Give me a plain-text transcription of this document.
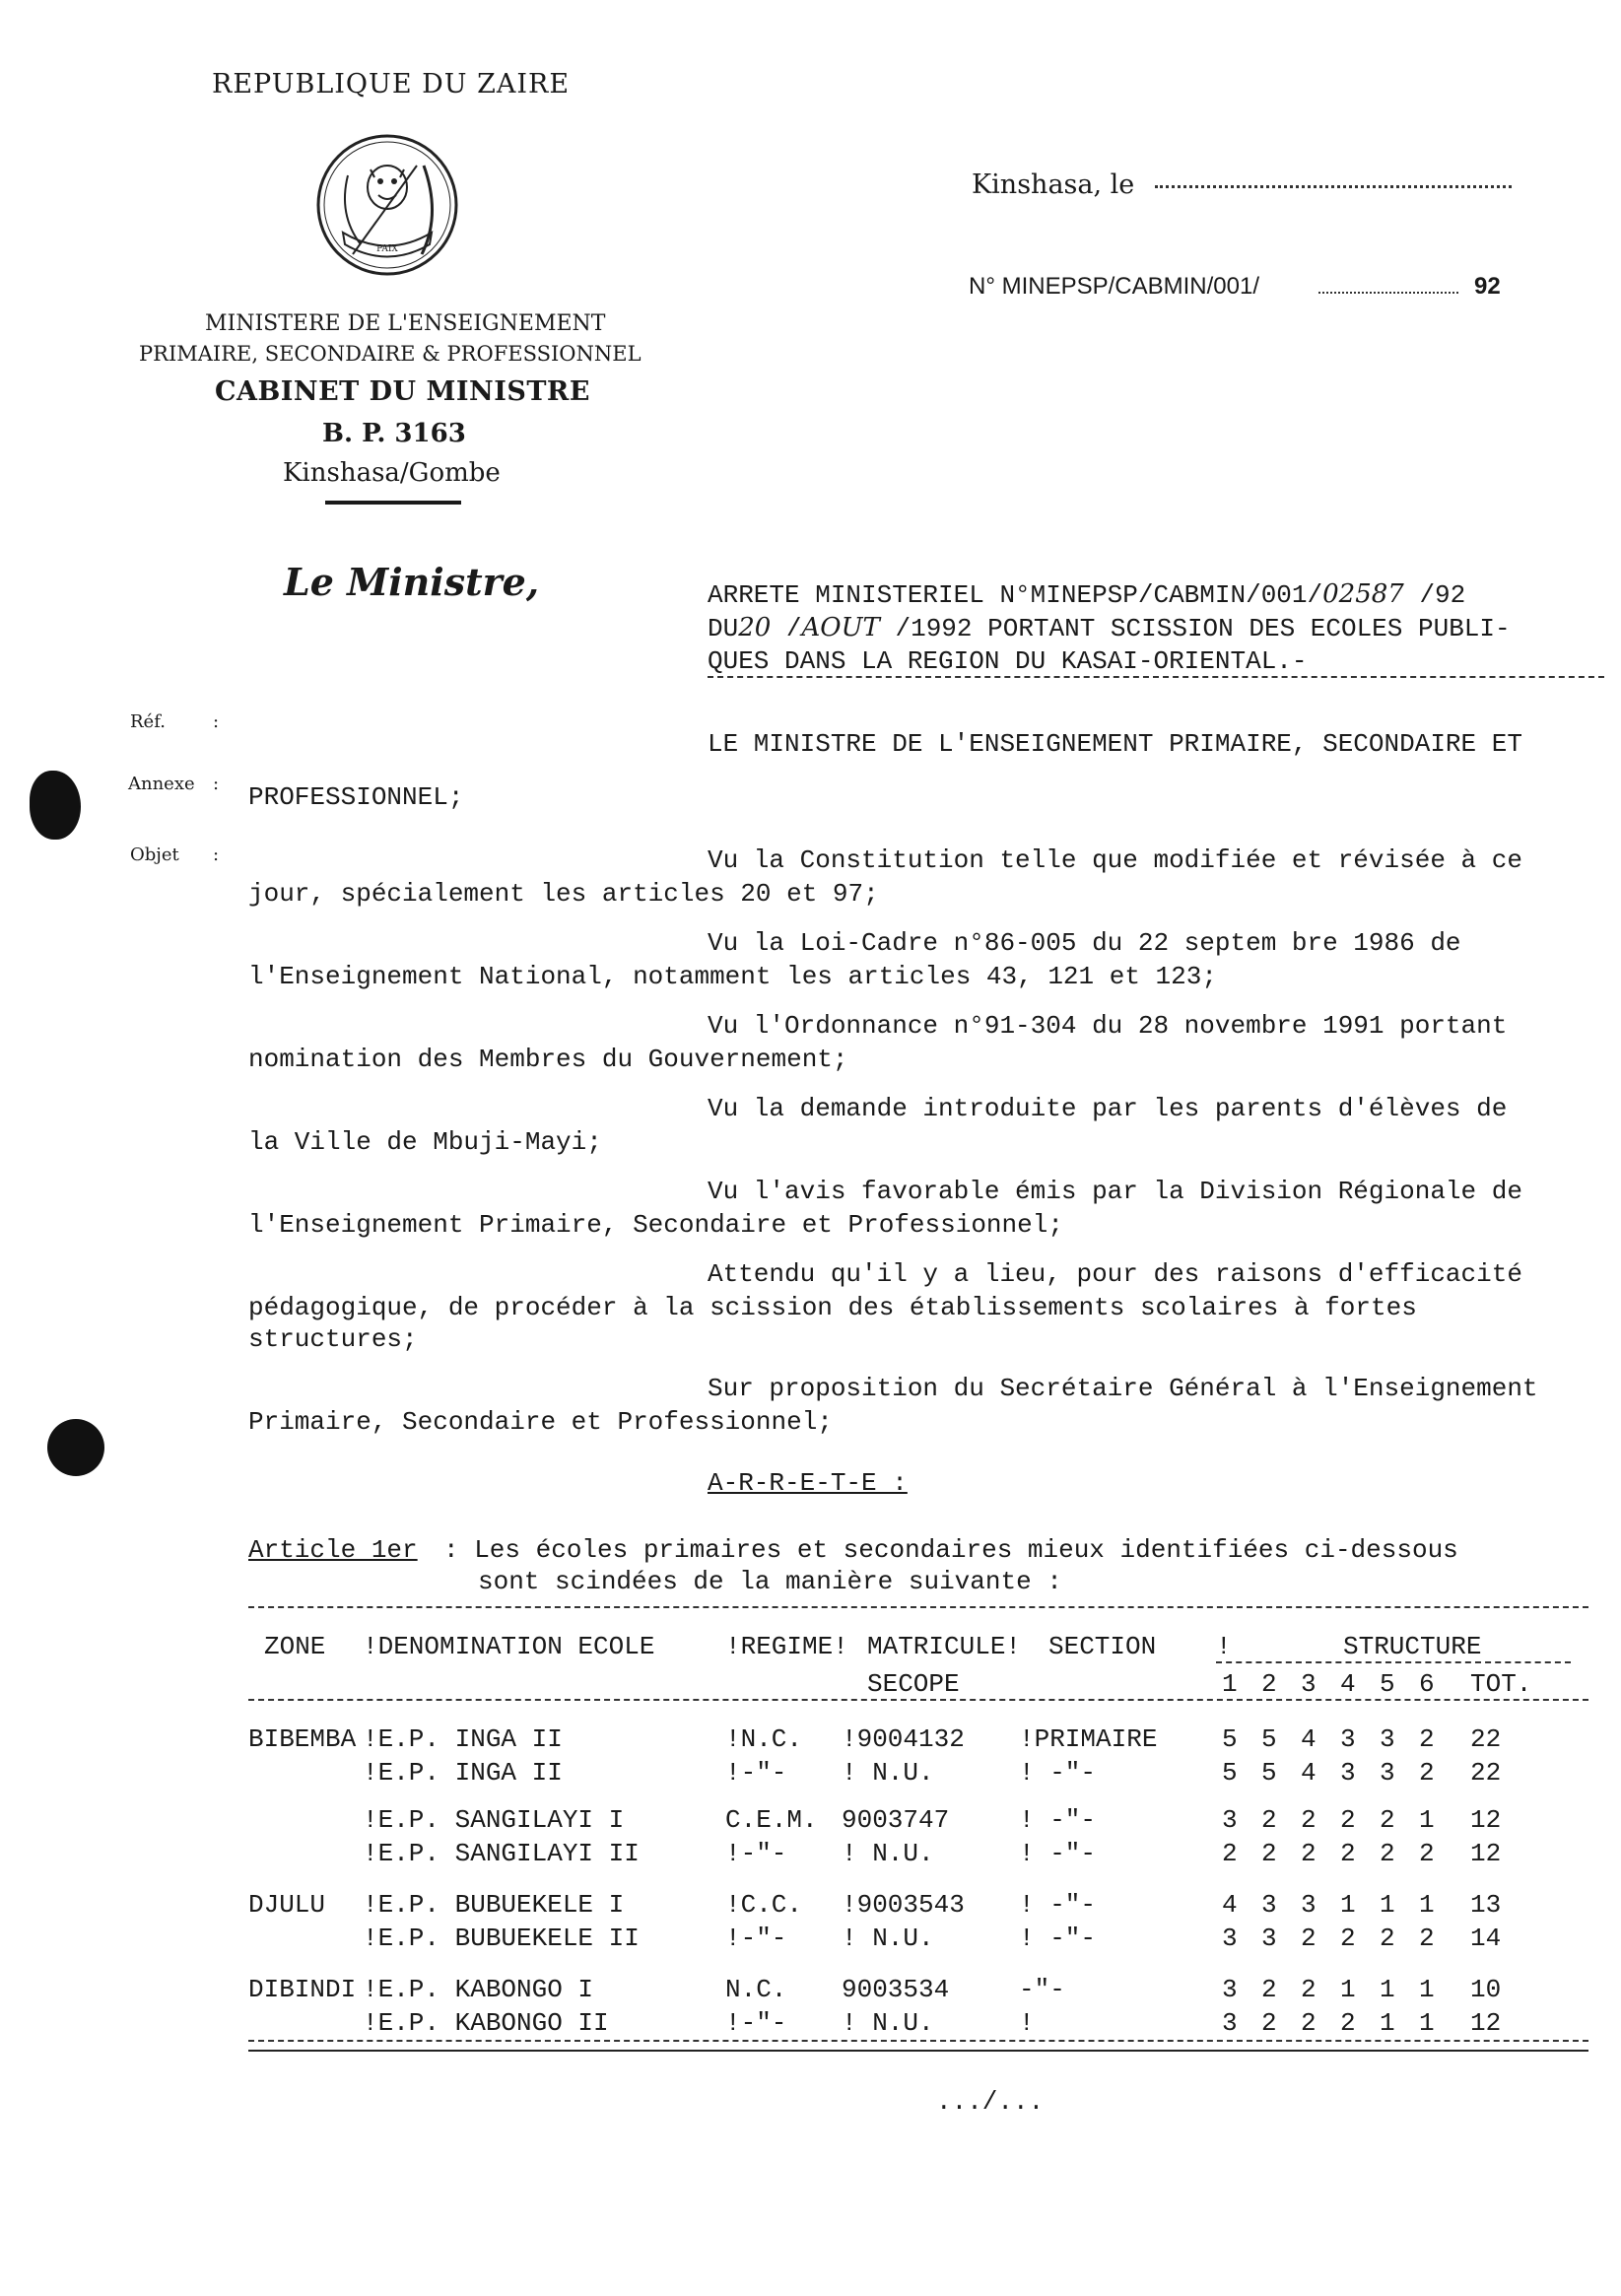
REPUBLIQUE DU ZAIRE
PAIX
MINISTERE DE L'ENSEIGNEMENT
PRIMAIRE, SECONDAIRE & PROFESSIONNEL
CABINET DU MINISTRE
B. P. 3163
Kinshasa/Gombe
Kinshasa, le
N° MINEPSP/CABMIN/001/	92
Le Ministre,	ARRETE MINISTERIEL N°MINEPSP/CABMIN/001/02587 /92
DU20 /AOUT /1992 PORTANT SCISSION DES ECOLES PUBLI-
QUES DANS LA REGION DU KASAI-ORIENTAL.-
Réf.	:
Annexe :
Objet :
LE MINISTRE DE L'ENSEIGNEMENT PRIMAIRE, SECONDAIRE ET
PROFESSIONNEL;
Vu la Constitution telle que modifiée et révisée à ce
jour, spécialement les articles 20 et 97;
Vu la Loi-Cadre n°86-005 du 22 septem bre 1986 de
l'Enseignement National, notamment les articles 43, 121 et 123;
Vu l'Ordonnance n°91-304 du 28 novembre 1991 portant
nomination des Membres du Gouvernement;
Vu la demande introduite par les parents d'élèves de
la Ville de Mbuji-Mayi;
Vu l'avis favorable émis par la Division Régionale de
l'Enseignement Primaire, Secondaire et Professionnel;
Attendu qu'il y a lieu, pour des raisons d'efficacité
pédagogique, de procéder à la scission des établissements scolaires à fortes
structures;
Sur proposition du Secrétaire Général à l'Enseignement
Primaire, Secondaire et Professionnel;
A-R-R-E-T-E :
Article 1er : Les écoles primaires et secondaires mieux identifiées ci-dessous
sont scindées de la manière suivante :
ZONE !DENOMINATION ECOLE	!REGIME! MATRICULE! SECTION !	STRUCTURE
SECOPE	1 2 3 4 5 6 TOT.
BIBEMBA !E.P. INGA II	!N.C. !9004132 !PRIMAIRE	5 5 4 3 3 2 22
!E.P. INGA II	!-"- ! N.U.	! -"-	5 5 4 3 3 2 22
!E.P. SANGILAYI I	C.E.M. 9003747	! -"-	3 2 2 2 2 1 12
!E.P. SANGILAYI II	!-"- ! N.U.	! -"-	2 2 2 2 2 2 12
DJULU !E.P. BUBUEKELE I	!C.C. !9003543 ! -"-	4 3 3 1 1 1 13
!E.P. BUBUEKELE II	!-"- ! N.U.	! -"-	3 3 2 2 2 2 14
DIBINDI !E.P. KABONGO I	N.C. 9003534	-"-	3 2 2 1 1 1 10
!E.P. KABONGO II	!-"- ! N.U.	!	3 2 2 2 1 1 12
.../...
